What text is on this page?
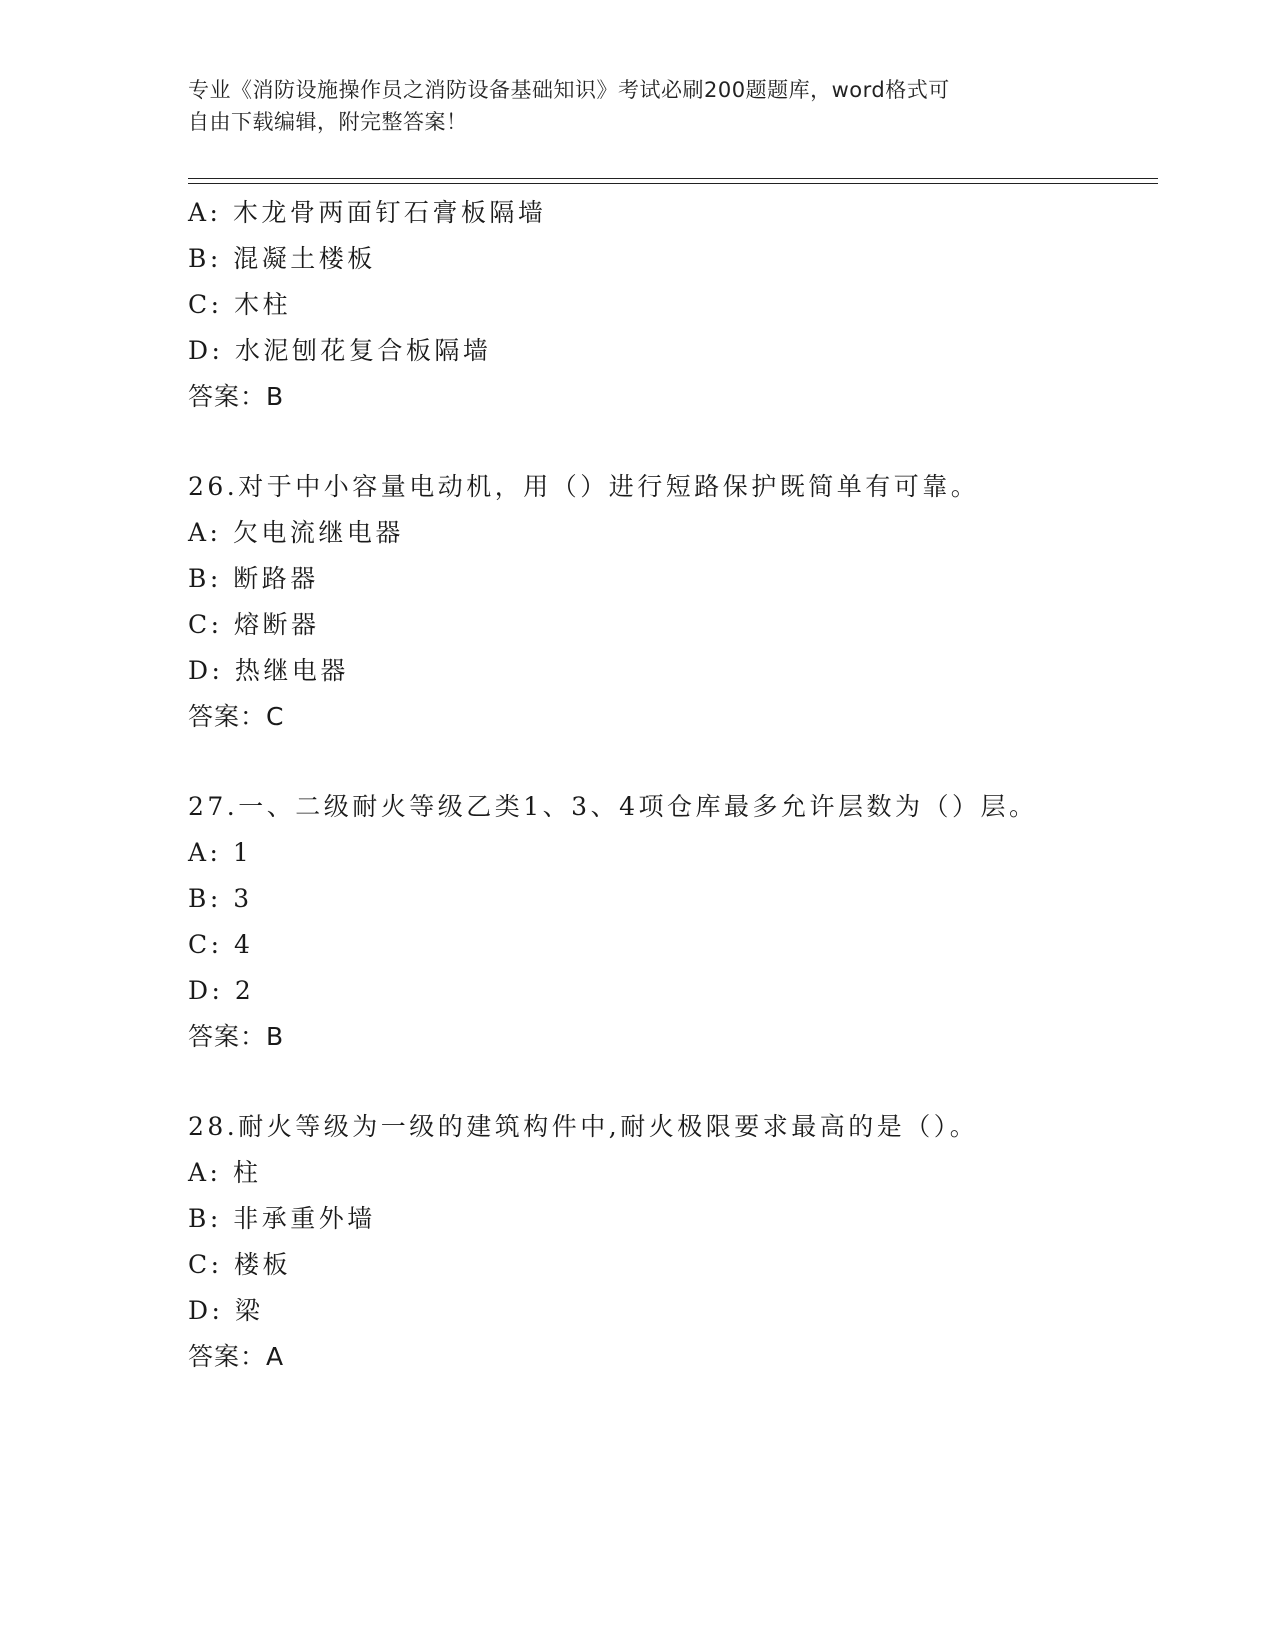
专业《消防设施操作员之消防设备基础知识》考试必刷200题题库，word格式可
自由下载编辑，附完整答案！
A: 木龙骨两面钉石膏板隔墙
B: 混凝土楼板
C: 木柱
D: 水泥刨花复合板隔墙
答案：B
26.对于中小容量电动机，用（）进行短路保护既简单有可靠。
A: 欠电流继电器
B: 断路器
C: 熔断器
D: 热继电器
答案：C
27.一、二级耐火等级乙类1、3、4项仓库最多允许层数为（）层。
A: 1
B: 3
C: 4
D: 2
答案：B
28.耐火等级为一级的建筑构件中,耐火极限要求最高的是（）。
A: 柱
B: 非承重外墙
C: 楼板
D: 梁
答案：A
